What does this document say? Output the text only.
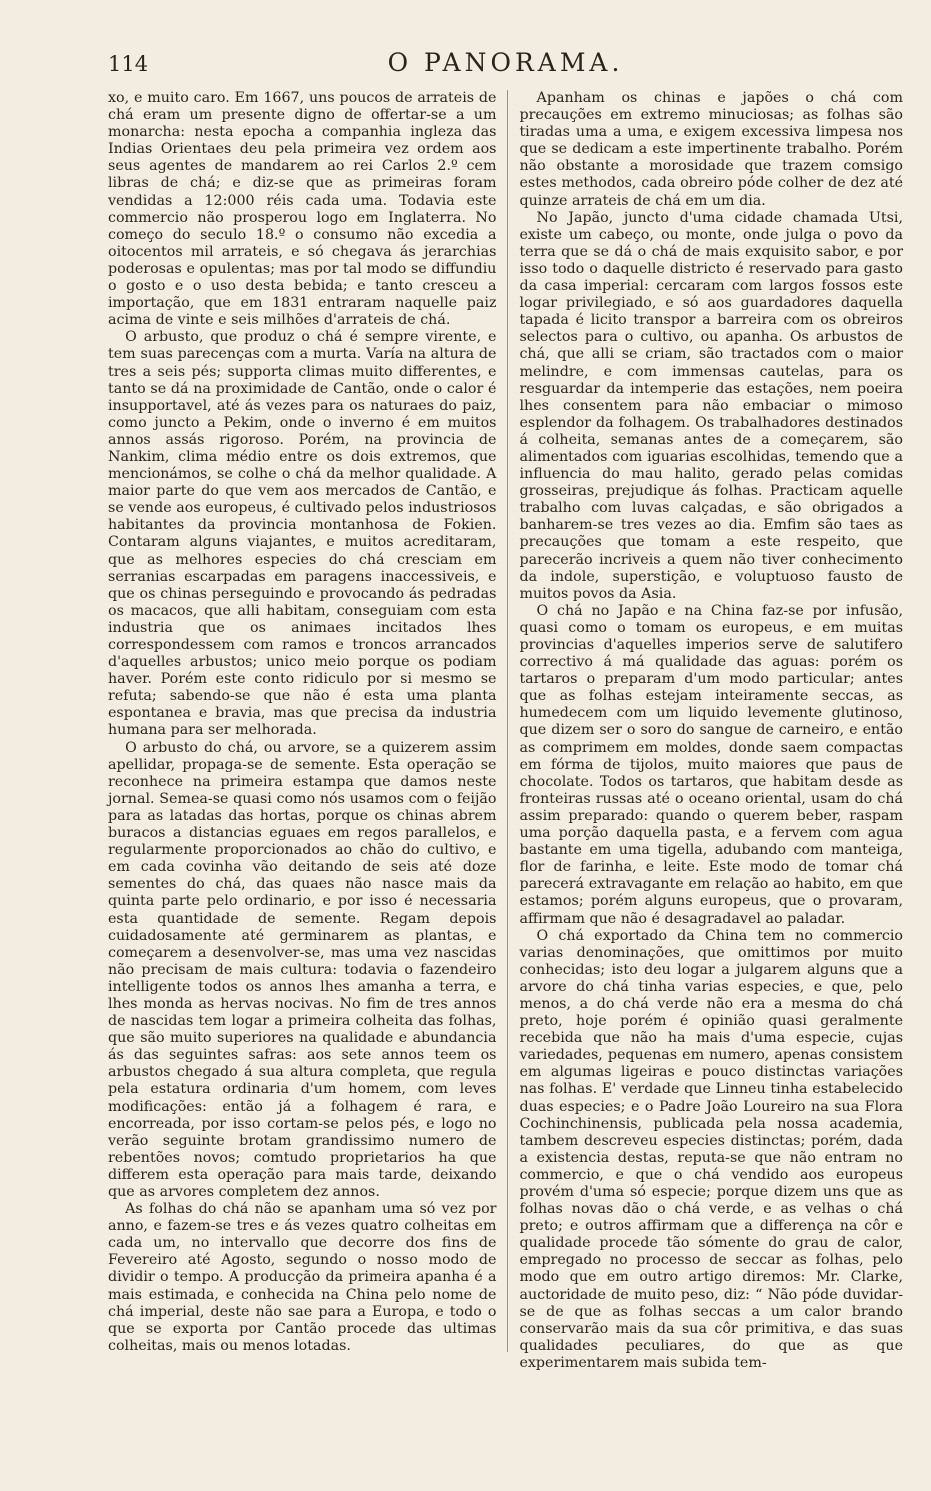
114	O PANORAMA.

xo, e muito caro. Em 1667, uns poucos de arrateis de chá eram um presente digno de offertar-se a um monarcha: nesta epocha a companhia ingleza das Indias Orientaes deu pela primeira vez ordem aos seus agentes de mandarem ao rei Carlos 2.º cem libras de chá; e diz-se que as primeiras foram vendidas a 12:000 réis cada uma. Todavia este commercio não prosperou logo em Inglaterra. No começo do seculo 18.º o consumo não excedia a oitocentos mil arrateis, e só chegava ás jerarchias poderosas e opulentas; mas por tal modo se diffundiu o gosto e o uso desta bebida; e tanto cresceu a importação, que em 1831 entraram naquelle paiz acima de vinte e seis milhões d'arrateis de chá.

O arbusto, que produz o chá é sempre virente, e tem suas parecenças com a murta. Varía na altura de tres a seis pés; supporta climas muito differentes, e tanto se dá na proximidade de Cantão, onde o calor é insupportavel, até ás vezes para os naturaes do paiz, como juncto a Pekim, onde o inverno é em muitos annos assás rigoroso. Porém, na provincia de Nankim, clima médio entre os dois extremos, que mencionámos, se colhe o chá da melhor qualidade. A maior parte do que vem aos mercados de Cantão, e se vende aos europeus, é cultivado pelos industriosos habitantes da provincia montanhosa de Fokien. Contaram alguns viajantes, e muitos acreditaram, que as melhores especies do chá cresciam em serranias escarpadas em paragens inaccessiveis, e que os chinas perseguindo e provocando ás pedradas os macacos, que alli habitam, conseguiam com esta industria que os animaes incitados lhes correspondessem com ramos e troncos arrancados d'aquelles arbustos; unico meio porque os podiam haver. Porém este conto ridiculo por si mesmo se refuta; sabendo-se que não é esta uma planta espontanea e bravia, mas que precisa da industria humana para ser melhorada.

O arbusto do chá, ou arvore, se a quizerem assim apellidar, propaga-se de semente. Esta operação se reconhece na primeira estampa que damos neste jornal. Semea-se quasi como nós usamos com o feijão para as latadas das hortas, porque os chinas abrem buracos a distancias eguaes em regos parallelos, e regularmente proporcionados ao chão do cultivo, e em cada covinha vão deitando de seis até doze sementes do chá, das quaes não nasce mais da quinta parte pelo ordinario, e por isso é necessaria esta quantidade de semente. Regam depois cuidadosamente até germinarem as plantas, e começarem a desenvolver-se, mas uma vez nascidas não precisam de mais cultura: todavia o fazendeiro intelligente todos os annos lhes amanha a terra, e lhes monda as hervas nocivas. No fim de tres annos de nascidas tem logar a primeira colheita das folhas, que são muito superiores na qualidade e abundancia ás das seguintes safras: aos sete annos teem os arbustos chegado á sua altura completa, que regula pela estatura ordinaria d'um homem, com leves modificações: então já a folhagem é rara, e encorreada, por isso cortam-se pelos pés, e logo no verão seguinte brotam grandissimo numero de rebentões novos; comtudo proprietarios ha que differem esta operação para mais tarde, deixando que as arvores completem dez annos.

As folhas do chá não se apanham uma só vez por anno, e fazem-se tres e ás vezes quatro colheitas em cada um, no intervallo que decorre dos fins de Fevereiro até Agosto, segundo o nosso modo de dividir o tempo. A producção da primeira apanha é a mais estimada, e conhecida na China pelo nome de chá imperial, deste não sae para a Europa, e todo o que se exporta por Cantão procede das ultimas colheitas, mais ou menos lotadas.

Apanham os chinas e japões o chá com precauções em extremo minuciosas; as folhas são tiradas uma a uma, e exigem excessiva limpesa nos que se dedicam a este impertinente trabalho. Porém não obstante a morosidade que trazem comsigo estes methodos, cada obreiro póde colher de dez até quinze arrateis de chá em um dia.

No Japão, juncto d'uma cidade chamada Utsi, existe um cabeço, ou monte, onde julga o povo da terra que se dá o chá de mais exquisito sabor, e por isso todo o daquelle districto é reservado para gasto da casa imperial: cercaram com largos fossos este logar privilegiado, e só aos guardadores daquella tapada é licito transpor a barreira com os obreiros selectos para o cultivo, ou apanha. Os arbustos de chá, que alli se criam, são tractados com o maior melindre, e com immensas cautelas, para os resguardar da intemperie das estações, nem poeira lhes consentem para não embaciar o mimoso esplendor da folhagem. Os trabalhadores destinados á colheita, semanas antes de a começarem, são alimentados com iguarias escolhidas, temendo que a influencia do mau halito, gerado pelas comidas grosseiras, prejudique ás folhas. Practicam aquelle trabalho com luvas calçadas, e são obrigados a banharem-se tres vezes ao dia. Emfim são taes as precauções que tomam a este respeito, que parecerão incriveis a quem não tiver conhecimento da indole, superstição, e voluptuoso fausto de muitos povos da Asia.

O chá no Japão e na China faz-se por infusão, quasi como o tomam os europeus, e em muitas provincias d'aquelles imperios serve de salutifero correctivo á má qualidade das aguas: porém os tartaros o preparam d'um modo particular; antes que as folhas estejam inteiramente seccas, as humedecem com um liquido levemente glutinoso, que dizem ser o soro do sangue de carneiro, e então as comprimem em moldes, donde saem compactas em fórma de tijolos, muito maiores que paus de chocolate. Todos os tartaros, que habitam desde as fronteiras russas até o oceano oriental, usam do chá assim preparado: quando o querem beber, raspam uma porção daquella pasta, e a fervem com agua bastante em uma tigella, adubando com manteiga, flor de farinha, e leite. Este modo de tomar chá parecerá extravagante em relação ao habito, em que estamos; porém alguns europeus, que o provaram, affirmam que não é desagradavel ao paladar.

O chá exportado da China tem no commercio varias denominações, que omittimos por muito conhecidas; isto deu logar a julgarem alguns que a arvore do chá tinha varias especies, e que, pelo menos, a do chá verde não era a mesma do chá preto, hoje porém é opinião quasi geralmente recebida que não ha mais d'uma especie, cujas variedades, pequenas em numero, apenas consistem em algumas ligeiras e pouco distinctas variações nas folhas. E' verdade que Linneu tinha estabelecido duas especies; e o Padre João Loureiro na sua Flora Cochinchinensis, publicada pela nossa academia, tambem descreveu especies distinctas; porém, dada a existencia destas, reputa-se que não entram no commercio, e que o chá vendido aos europeus provém d'uma só especie; porque dizem uns que as folhas novas dão o chá verde, e as velhas o chá preto; e outros affirmam que a differença na côr e qualidade procede tão sómente do grau de calor, empregado no processo de seccar as folhas, pelo modo que em outro artigo diremos: Mr. Clarke, auctoridade de muito peso, diz: “ Não póde duvidar-se de que as folhas seccas a um calor brando conservarão mais da sua côr primitiva, e das suas qualidades peculiares, do que as que experimentarem mais subida tem-
